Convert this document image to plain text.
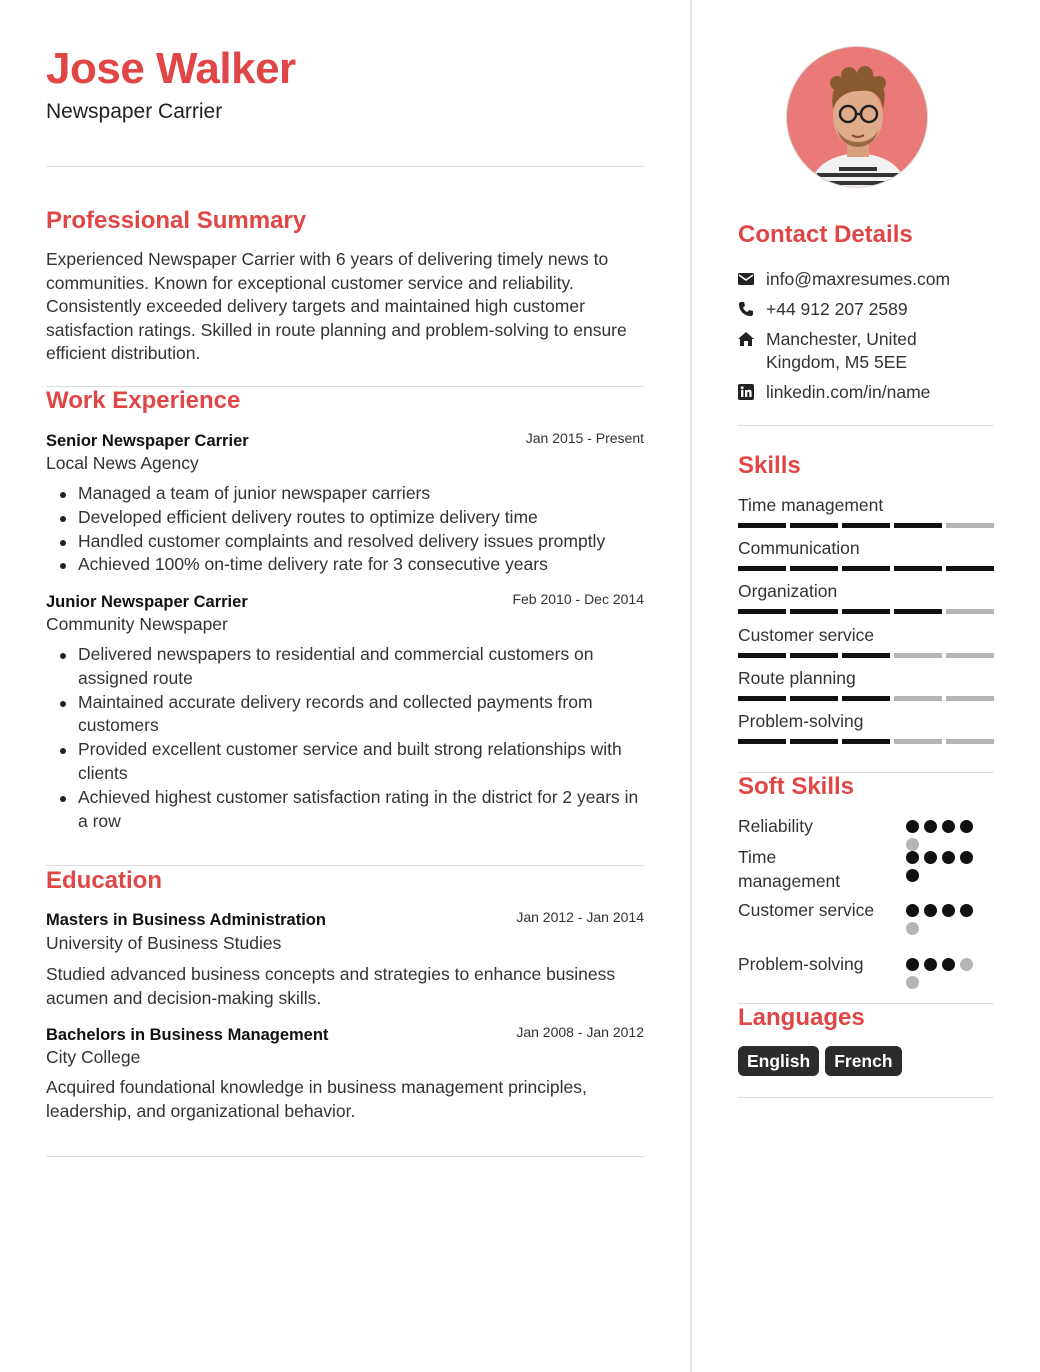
Jose Walker
Newspaper Carrier
Professional Summary
Experienced Newspaper Carrier with 6 years of delivering timely news to communities. Known for exceptional customer service and reliability. Consistently exceeded delivery targets and maintained high customer satisfaction ratings. Skilled in route planning and problem-solving to ensure efficient distribution.
Work Experience
Senior Newspaper Carrier	Jan 2015 - Present
Local News Agency
Managed a team of junior newspaper carriers
Developed efficient delivery routes to optimize delivery time
Handled customer complaints and resolved delivery issues promptly
Achieved 100% on-time delivery rate for 3 consecutive years
Junior Newspaper Carrier	Feb 2010 - Dec 2014
Community Newspaper
Delivered newspapers to residential and commercial customers on assigned route
Maintained accurate delivery records and collected payments from customers
Provided excellent customer service and built strong relationships with clients
Achieved highest customer satisfaction rating in the district for 2 years in a row
Education
Masters in Business Administration	Jan 2012 - Jan 2014
University of Business Studies
Studied advanced business concepts and strategies to enhance business acumen and decision-making skills.
Bachelors in Business Management	Jan 2008 - Jan 2012
City College
Acquired foundational knowledge in business management principles, leadership, and organizational behavior.
Contact Details
info@maxresumes.com
+44 912 207 2589
Manchester, United Kingdom, M5 5EE
linkedin.com/in/name
Skills
Time management
Communication
Organization
Customer service
Route planning
Problem-solving
Soft Skills
Reliability
Time management
Customer service
Problem-solving
Languages
English	French
